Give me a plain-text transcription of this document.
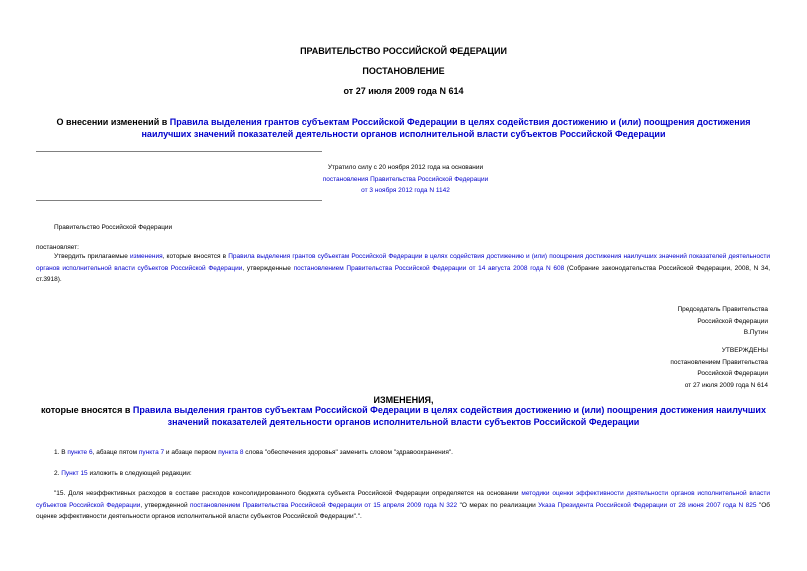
ПРАВИТЕЛЬСТВО РОССИЙСКОЙ ФЕДЕРАЦИИ
ПОСТАНОВЛЕНИЕ
от 27 июля 2009 года N 614
О внесении изменений в Правила выделения грантов субъектам Российской Федерации в целях содействия достижению и (или) поощрения достижения наилучших значений показателей деятельности органов исполнительной власти субъектов Российской Федерации
Утратило силу с 20 ноября 2012 года на основании
постановления Правительства Российской Федерации
от 3 ноября 2012 года N 1142
Правительство Российской Федерации
постановляет:
Утвердить прилагаемые изменения, которые вносятся в Правила выделения грантов субъектам Российской Федерации в целях содействия достижению и (или) поощрения достижения наилучших значений показателей деятельности органов исполнительной власти субъектов Российской Федерации, утвержденные постановлением Правительства Российской Федерации от 14 августа 2008 года N 608 (Собрание законодательства Российской Федерации, 2008, N 34, ст.3918).
Председатель Правительства
Российской Федерации
В.Путин
УТВЕРЖДЕНЫ
постановлением Правительства
Российской Федерации
от 27 июля 2009 года N 614
ИЗМЕНЕНИЯ,
которые вносятся в Правила выделения грантов субъектам Российской Федерации в целях содействия достижению и (или) поощрения достижения наилучших значений показателей деятельности органов исполнительной власти субъектов Российской Федерации
1. В пункте 6, абзаце пятом пункта 7 и абзаце первом пункта 8 слова "обеспечения здоровья" заменить словом "здравоохранения".
2. Пункт 15 изложить в следующей редакции:
"15. Доля неэффективных расходов в составе расходов консолидированного бюджета субъекта Российской Федерации определяется на основании методики оценки эффективности деятельности органов исполнительной власти субъектов Российской Федерации, утвержденной постановлением Правительства Российской Федерации от 15 апреля 2009 года N 322 "О мерах по реализации Указа Президента Российской Федерации от 28 июня 2007 года N 825 "Об оценке эффективности деятельности органов исполнительной власти субъектов Российской Федерации".".
